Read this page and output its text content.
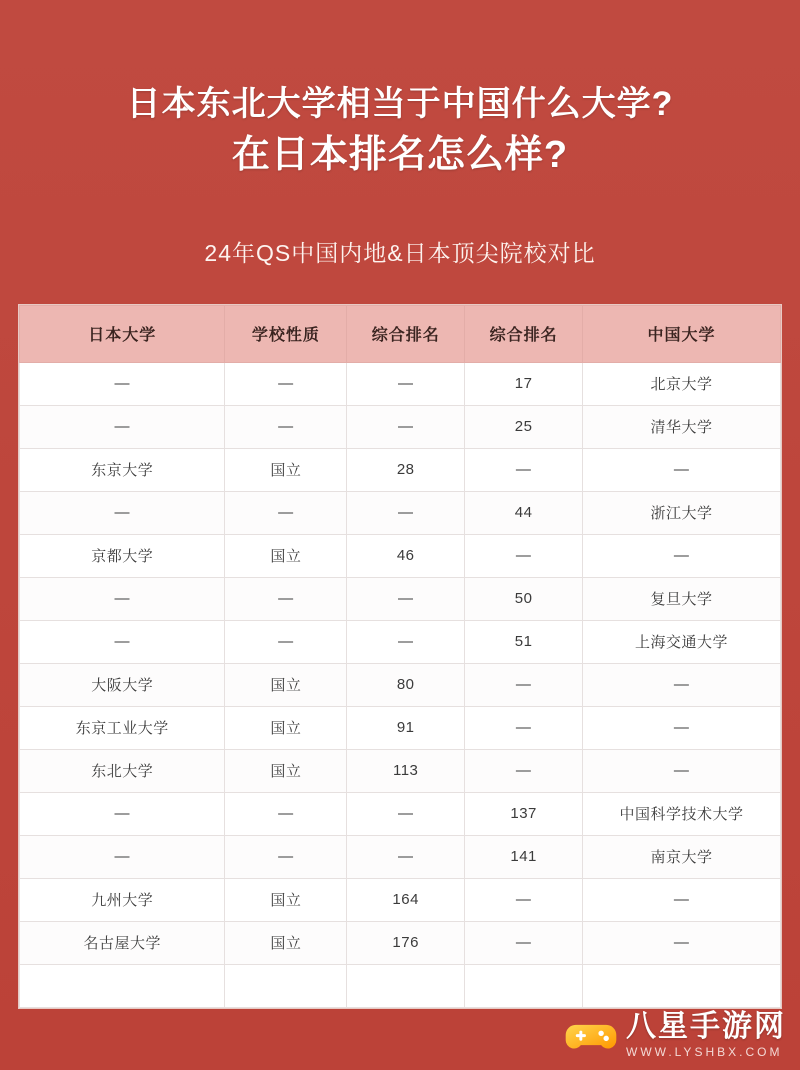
日本东北大学相当于中国什么大学?
在日本排名怎么样?
24年QS中国内地&日本顶尖院校对比
日本大学	学校性质	综合排名	综合排名	中国大学
—	—	—	17	北京大学
—	—	—	25	清华大学
东京大学	国立	28	—	—
—	—	—	44	浙江大学
京都大学	国立	46	—	—
—	—	—	50	复旦大学
—	—	—	51	上海交通大学
大阪大学	国立	80	—	—
东京工业大学	国立	91	—	—
东北大学	国立	113	—	—
—	—	—	137	中国科学技术大学
—	—	—	141	南京大学
九州大学	国立	164	—	—
名古屋大学	国立	176	—	—

八星手游网
WWW.LYSHBX.COM
